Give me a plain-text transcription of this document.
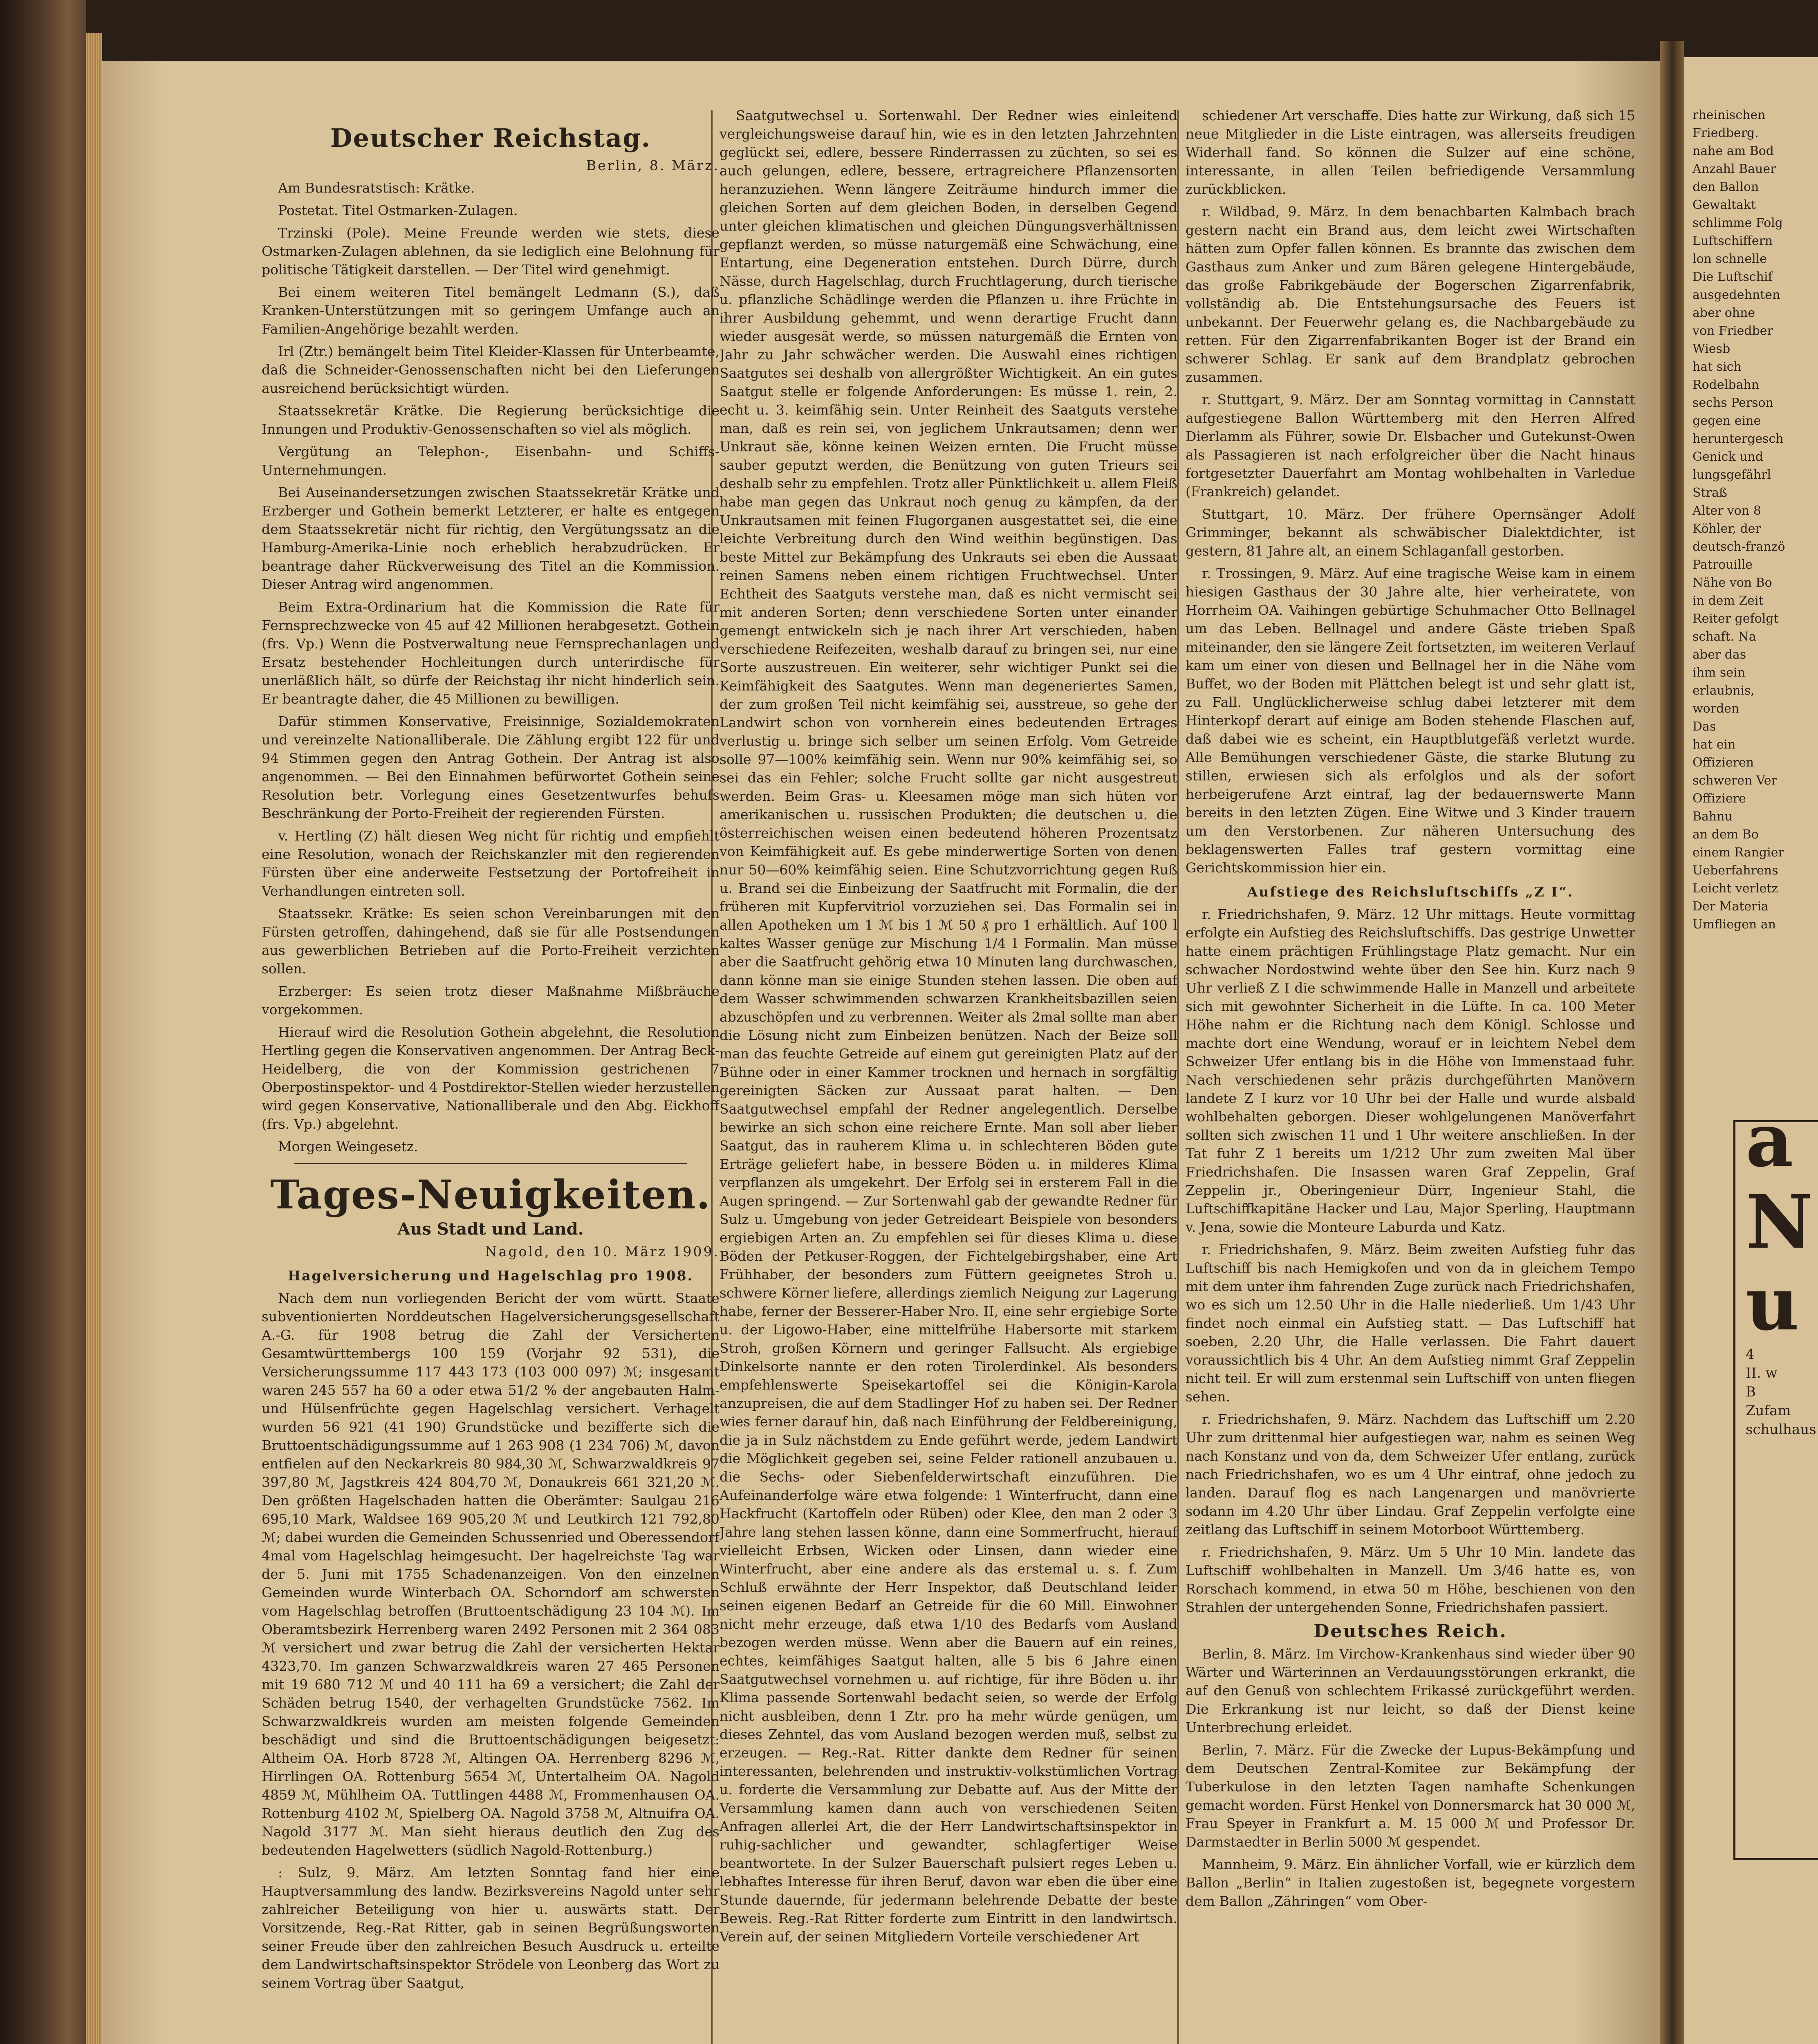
Deutscher Reichstag.

Berlin, 8. März.

Am Bundesratstisch: Krätke.

Postetat. Titel Ostmarken-Zulagen.

Trzinski (Pole). Meine Freunde werden wie stets, diese Ostmarken-Zulagen ablehnen, da sie lediglich eine Belohnung für politische Tätigkeit darstellen. — Der Titel wird genehmigt.

Bei einem weiteren Titel bemängelt Ledmann (S.), daß Kranken-Unterstützungen mit so geringem Umfange auch an Familien-Angehörige bezahlt werden.

Irl (Ztr.) bemängelt beim Titel Kleider-Klassen für Unterbeamte, daß die Schneider-Genossenschaften nicht bei den Lieferungen ausreichend berücksichtigt würden.

Staatssekretär Krätke. Die Regierung berücksichtige die Innungen und Produktiv-Genossenschaften so viel als möglich.

Vergütung an Telephon-, Eisenbahn- und Schiffs-Unternehmungen.

Bei Auseinandersetzungen zwischen Staatssekretär Krätke und Erzberger und Gothein bemerkt Letzterer, er halte es entgegen dem Staatssekretär nicht für richtig, den Vergütungssatz an die Hamburg-Amerika-Linie noch erheblich herabzudrücken. Er beantrage daher Rückverweisung des Titel an die Kommission. Dieser Antrag wird angenommen.

Beim Extra-Ordinarium hat die Kommission die Rate für Fernsprechzwecke von 45 auf 42 Millionen herabgesetzt. Gothein (frs. Vp.) Wenn die Postverwaltung neue Fernsprechanlagen und Ersatz bestehender Hochleitungen durch unterirdische für unerläßlich hält, so dürfe der Reichstag ihr nicht hinderlich sein. Er beantragte daher, die 45 Millionen zu bewilligen.

Dafür stimmen Konservative, Freisinnige, Sozialdemokraten und vereinzelte Nationalliberale. Die Zählung ergibt 122 für und 94 Stimmen gegen den Antrag Gothein. Der Antrag ist also angenommen. — Bei den Einnahmen befürwortet Gothein seine Resolution betr. Vorlegung eines Gesetzentwurfes behufs Beschränkung der Porto-Freiheit der regierenden Fürsten.

v. Hertling (Z) hält diesen Weg nicht für richtig und empfiehlt eine Resolution, wonach der Reichskanzler mit den regierenden Fürsten über eine anderweite Festsetzung der Portofreiheit in Verhandlungen eintreten soll.

Staatssekr. Krätke: Es seien schon Vereinbarungen mit den Fürsten getroffen, dahingehend, daß sie für alle Postsendungen aus gewerblichen Betrieben auf die Porto-Freiheit verzichten sollen.

Erzberger: Es seien trotz dieser Maßnahme Mißbräuche vorgekommen.

Hierauf wird die Resolution Gothein abgelehnt, die Resolution Hertling gegen die Konservativen angenommen. Der Antrag Beck-Heidelberg, die von der Kommission gestrichenen 7 Oberpostinspektor- und 4 Postdirektor-Stellen wieder herzustellen wird gegen Konservative, Nationalliberale und den Abg. Eickhoff (frs. Vp.) abgelehnt.

Morgen Weingesetz.

Tages-Neuigkeiten.
Aus Stadt und Land.

Nagold, den 10. März 1909.

Hagelversicherung und Hagelschlag pro 1908.

Nach dem nun vorliegenden Bericht der vom württ. Staate subventionierten Norddeutschen Hagelversicherungsgesellschaft A.-G. für 1908 betrug die Zahl der Versicherten Gesamtwürttembergs 100 159 (Vorjahr 92 531), die Versicherungssumme 117 443 173 (103 000 097) ℳ; insgesamt waren 245 557 ha 60 a oder etwa 51/2 % der angebauten Halm- und Hülsenfrüchte gegen Hagelschlag versichert. Verhagelt wurden 56 921 (41 190) Grundstücke und bezifferte sich die Bruttoentschädigungssumme auf 1 263 908 (1 234 706) ℳ, davon entfielen auf den Neckarkreis 80 984,30 ℳ, Schwarzwaldkreis 97 397,80 ℳ, Jagstkreis 424 804,70 ℳ, Donaukreis 661 321,20 ℳ. Den größten Hagelschaden hatten die Oberämter: Saulgau 216 695,10 Mark, Waldsee 169 905,20 ℳ und Leutkirch 121 792,80 ℳ; dabei wurden die Gemeinden Schussenried und Oberessendorf 4mal vom Hagelschlag heimgesucht. Der hagelreichste Tag war der 5. Juni mit 1755 Schadenanzeigen. Von den einzelnen Gemeinden wurde Winterbach OA. Schorndorf am schwersten vom Hagelschlag betroffen (Bruttoentschädigung 23 104 ℳ). Im Oberamtsbezirk Herrenberg waren 2492 Personen mit 2 364 083 ℳ versichert und zwar betrug die Zahl der versicherten Hektar 4323,70. Im ganzen Schwarzwaldkreis waren 27 465 Personen mit 19 680 712 ℳ und 40 111 ha 69 a versichert; die Zahl der Schäden betrug 1540, der verhagelten Grundstücke 7562. Im Schwarzwaldkreis wurden am meisten folgende Gemeinden beschädigt und sind die Bruttoentschädigungen beigesetzt: Altheim OA. Horb 8728 ℳ, Altingen OA. Herrenberg 8296 ℳ, Hirrlingen OA. Rottenburg 5654 ℳ, Untertalheim OA. Nagold 4859 ℳ, Mühlheim OA. Tuttlingen 4488 ℳ, Frommenhausen OA. Rottenburg 4102 ℳ, Spielberg OA. Nagold 3758 ℳ, Altnuifra OA. Nagold 3177 ℳ. Man sieht hieraus deutlich den Zug des bedeutenden Hagelwetters (südlich Nagold-Rottenburg.)

: Sulz, 9. März. Am letzten Sonntag fand hier eine Hauptversammlung des landw. Bezirksvereins Nagold unter sehr zahlreicher Beteiligung von hier u. auswärts statt. Der Vorsitzende, Reg.-Rat Ritter, gab in seinen Begrüßungsworten seiner Freude über den zahlreichen Besuch Ausdruck u. erteilte dem Landwirtschaftsinspektor Strödele von Leonberg das Wort zu seinem Vortrag über Saatgut,

Saatgutwechsel u. Sortenwahl. Der Redner wies einleitend vergleichungsweise darauf hin, wie es in den letzten Jahrzehnten geglückt sei, edlere, bessere Rinderrassen zu züchten, so sei es auch gelungen, edlere, bessere, ertragreichere Pflanzensorten heranzuziehen. Wenn längere Zeiträume hindurch immer die gleichen Sorten auf dem gleichen Boden, in derselben Gegend unter gleichen klimatischen und gleichen Düngungsverhältnissen gepflanzt werden, so müsse naturgemäß eine Schwächung, eine Entartung, eine Degeneration entstehen. Durch Dürre, durch Nässe, durch Hagelschlag, durch Fruchtlagerung, durch tierische u. pflanzliche Schädlinge werden die Pflanzen u. ihre Früchte in ihrer Ausbildung gehemmt, und wenn derartige Frucht dann wieder ausgesät werde, so müssen naturgemäß die Ernten von Jahr zu Jahr schwächer werden. Die Auswahl eines richtigen Saatgutes sei deshalb von allergrößter Wichtigkeit. An ein gutes Saatgut stelle er folgende Anforderungen: Es müsse 1. rein, 2. echt u. 3. keimfähig sein. Unter Reinheit des Saatguts verstehe man, daß es rein sei, von jeglichem Unkrautsamen; denn wer Unkraut säe, könne keinen Weizen ernten. Die Frucht müsse sauber geputzt werden, die Benützung von guten Trieurs sei deshalb sehr zu empfehlen. Trotz aller Pünktlichkeit u. allem Fleiß habe man gegen das Unkraut noch genug zu kämpfen, da der Unkrautsamen mit feinen Flugorganen ausgestattet sei, die eine leichte Verbreitung durch den Wind weithin begünstigen. Das beste Mittel zur Bekämpfung des Unkrauts sei eben die Aussaat reinen Samens neben einem richtigen Fruchtwechsel. Unter Echtheit des Saatguts verstehe man, daß es nicht vermischt sei mit anderen Sorten; denn verschiedene Sorten unter einander gemengt entwickeln sich je nach ihrer Art verschieden, haben verschiedene Reifezeiten, weshalb darauf zu bringen sei, nur eine Sorte auszustreuen. Ein weiterer, sehr wichtiger Punkt sei die Keimfähigkeit des Saatgutes. Wenn man degeneriertes Samen, der zum großen Teil nicht keimfähig sei, ausstreue, so gehe der Landwirt schon von vornherein eines bedeutenden Ertrages verlustig u. bringe sich selber um seinen Erfolg. Vom Getreide solle 97—100% keimfähig sein. Wenn nur 90% keimfähig sei, so sei das ein Fehler; solche Frucht sollte gar nicht ausgestreut werden. Beim Gras- u. Kleesamen möge man sich hüten vor amerikanischen u. russischen Produkten; die deutschen u. die österreichischen weisen einen bedeutend höheren Prozentsatz von Keimfähigkeit auf. Es gebe minderwertige Sorten von denen nur 50—60% keimfähig seien. Eine Schutzvorrichtung gegen Ruß u. Brand sei die Einbeizung der Saatfrucht mit Formalin, die der früheren mit Kupfervitriol vorzuziehen sei. Das Formalin sei in allen Apotheken um 1 ℳ bis 1 ℳ 50 ₰ pro 1 erhältlich. Auf 100 l kaltes Wasser genüge zur Mischung 1/4 l Formalin. Man müsse aber die Saatfrucht gehörig etwa 10 Minuten lang durchwaschen, dann könne man sie einige Stunden stehen lassen. Die oben auf dem Wasser schwimmenden schwarzen Krankheitsbazillen seien abzuschöpfen und zu verbrennen. Weiter als 2mal sollte man aber die Lösung nicht zum Einbeizen benützen. Nach der Beize soll man das feuchte Getreide auf einem gut gereinigten Platz auf der Bühne oder in einer Kammer trocknen und hernach in sorgfältig gereinigten Säcken zur Aussaat parat halten. — Den Saatgutwechsel empfahl der Redner angelegentlich. Derselbe bewirke an sich schon eine reichere Ernte. Man soll aber lieber Saatgut, das in rauherem Klima u. in schlechteren Böden gute Erträge geliefert habe, in bessere Böden u. in milderes Klima verpflanzen als umgekehrt. Der Erfolg sei in ersterem Fall in die Augen springend. — Zur Sortenwahl gab der gewandte Redner für Sulz u. Umgebung von jeder Getreideart Beispiele von besonders ergiebigen Arten an. Zu empfehlen sei für dieses Klima u. diese Böden der Petkuser-Roggen, der Fichtelgebirgshaber, eine Art Frühhaber, der besonders zum Füttern geeignetes Stroh u. schwere Körner liefere, allerdings ziemlich Neigung zur Lagerung habe, ferner der Besserer-Haber Nro. II, eine sehr ergiebige Sorte u. der Ligowo-Haber, eine mittelfrühe Habersorte mit starkem Stroh, großen Körnern und geringer Fallsucht. Als ergiebige Dinkelsorte nannte er den roten Tirolerdinkel. Als besonders empfehlenswerte Speisekartoffel sei die Königin-Karola anzupreisen, die auf dem Stadlinger Hof zu haben sei. Der Redner wies ferner darauf hin, daß nach Einführung der Feldbereinigung, die ja in Sulz nächstdem zu Ende geführt werde, jedem Landwirt die Möglichkeit gegeben sei, seine Felder rationell anzubauen u. die Sechs- oder Siebenfelderwirtschaft einzuführen. Die Aufeinanderfolge wäre etwa folgende: 1 Winterfrucht, dann eine Hackfrucht (Kartoffeln oder Rüben) oder Klee, den man 2 oder 3 Jahre lang stehen lassen könne, dann eine Sommerfrucht, hierauf vielleicht Erbsen, Wicken oder Linsen, dann wieder eine Winterfrucht, aber eine andere als das erstemal u. s. f. Zum Schluß erwähnte der Herr Inspektor, daß Deutschland leider seinen eigenen Bedarf an Getreide für die 60 Mill. Einwohner nicht mehr erzeuge, daß etwa 1/10 des Bedarfs vom Ausland bezogen werden müsse. Wenn aber die Bauern auf ein reines, echtes, keimfähiges Saatgut halten, alle 5 bis 6 Jahre einen Saatgutwechsel vornehmen u. auf richtige, für ihre Böden u. ihr Klima passende Sortenwahl bedacht seien, so werde der Erfolg nicht ausbleiben, denn 1 Ztr. pro ha mehr würde genügen, um dieses Zehntel, das vom Ausland bezogen werden muß, selbst zu erzeugen. — Reg.-Rat. Ritter dankte dem Redner für seinen interessanten, belehrenden und instruktiv-volkstümlichen Vortrag u. forderte die Versammlung zur Debatte auf. Aus der Mitte der Versammlung kamen dann auch von verschiedenen Seiten Anfragen allerlei Art, die der Herr Landwirtschaftsinspektor in ruhig-sachlicher und gewandter, schlagfertiger Weise beantwortete. In der Sulzer Bauerschaft pulsiert reges Leben u. lebhaftes Interesse für ihren Beruf, davon war eben die über eine Stunde dauernde, für jedermann belehrende Debatte der beste Beweis. Reg.-Rat Ritter forderte zum Eintritt in den landwirtsch. Verein auf, der seinen Mitgliedern Vorteile verschiedener Art

schiedener Art verschaffe. Dies hatte zur Wirkung, daß sich 15 neue Mitglieder in die Liste eintragen, was allerseits freudigen Widerhall fand. So können die Sulzer auf eine schöne, interessante, in allen Teilen befriedigende Versammlung zurückblicken.

r. Wildbad, 9. März. In dem benachbarten Kalmbach brach gestern nacht ein Brand aus, dem leicht zwei Wirtschaften hätten zum Opfer fallen können. Es brannte das zwischen dem Gasthaus zum Anker und zum Bären gelegene Hintergebäude, das große Fabrikgebäude der Bogerschen Zigarrenfabrik, vollständig ab. Die Entstehungsursache des Feuers ist unbekannt. Der Feuerwehr gelang es, die Nachbargebäude zu retten. Für den Zigarrenfabrikanten Boger ist der Brand ein schwerer Schlag. Er sank auf dem Brandplatz gebrochen zusammen.

r. Stuttgart, 9. März. Der am Sonntag vormittag in Cannstatt aufgestiegene Ballon Württemberg mit den Herren Alfred Dierlamm als Führer, sowie Dr. Elsbacher und Gutekunst-Owen als Passagieren ist nach erfolgreicher über die Nacht hinaus fortgesetzter Dauerfahrt am Montag wohlbehalten in Varledue (Frankreich) gelandet.

Stuttgart, 10. März. Der frühere Opernsänger Adolf Grimminger, bekannt als schwäbischer Dialektdichter, ist gestern, 81 Jahre alt, an einem Schlaganfall gestorben.

r. Trossingen, 9. März. Auf eine tragische Weise kam in einem hiesigen Gasthaus der 30 Jahre alte, hier verheiratete, von Horrheim OA. Vaihingen gebürtige Schuhmacher Otto Bellnagel um das Leben. Bellnagel und andere Gäste trieben Spaß miteinander, den sie längere Zeit fortsetzten, im weiteren Verlauf kam um einer von diesen und Bellnagel her in die Nähe vom Buffet, wo der Boden mit Plättchen belegt ist und sehr glatt ist, zu Fall. Unglücklicherweise schlug dabei letzterer mit dem Hinterkopf derart auf einige am Boden stehende Flaschen auf, daß dabei wie es scheint, ein Hauptblutgefäß verletzt wurde. Alle Bemühungen verschiedener Gäste, die starke Blutung zu stillen, erwiesen sich als erfolglos und als der sofort herbeigerufene Arzt eintraf, lag der bedauernswerte Mann bereits in den letzten Zügen. Eine Witwe und 3 Kinder trauern um den Verstorbenen. Zur näheren Untersuchung des beklagenswerten Falles traf gestern vormittag eine Gerichtskommission hier ein.

Aufstiege des Reichsluftschiffs „Z I“.

r. Friedrichshafen, 9. März. 12 Uhr mittags. Heute vormittag erfolgte ein Aufstieg des Reichsluftschiffs. Das gestrige Unwetter hatte einem prächtigen Frühlingstage Platz gemacht. Nur ein schwacher Nordostwind wehte über den See hin. Kurz nach 9 Uhr verließ Z I die schwimmende Halle in Manzell und arbeitete sich mit gewohnter Sicherheit in die Lüfte. In ca. 100 Meter Höhe nahm er die Richtung nach dem Königl. Schlosse und machte dort eine Wendung, worauf er in leichtem Nebel dem Schweizer Ufer entlang bis in die Höhe von Immenstaad fuhr. Nach verschiedenen sehr präzis durchgeführten Manövern landete Z I kurz vor 10 Uhr bei der Halle und wurde alsbald wohlbehalten geborgen. Dieser wohlgelungenen Manöverfahrt sollten sich zwischen 11 und 1 Uhr weitere anschließen. In der Tat fuhr Z 1 bereits um 1/212 Uhr zum zweiten Mal über Friedrichshafen. Die Insassen waren Graf Zeppelin, Graf Zeppelin jr., Oberingenieur Dürr, Ingenieur Stahl, die Luftschiffkapitäne Hacker und Lau, Major Sperling, Hauptmann v. Jena, sowie die Monteure Laburda und Katz.

r. Friedrichshafen, 9. März. Beim zweiten Aufstieg fuhr das Luftschiff bis nach Hemigkofen und von da in gleichem Tempo mit dem unter ihm fahrenden Zuge zurück nach Friedrichshafen, wo es sich um 12.50 Uhr in die Halle niederließ. Um 1/43 Uhr findet noch einmal ein Aufstieg statt. — Das Luftschiff hat soeben, 2.20 Uhr, die Halle verlassen. Die Fahrt dauert voraussichtlich bis 4 Uhr. An dem Aufstieg nimmt Graf Zeppelin nicht teil. Er will zum erstenmal sein Luftschiff von unten fliegen sehen.

r. Friedrichshafen, 9. März. Nachdem das Luftschiff um 2.20 Uhr zum drittenmal hier aufgestiegen war, nahm es seinen Weg nach Konstanz und von da, dem Schweizer Ufer entlang, zurück nach Friedrichshafen, wo es um 4 Uhr eintraf, ohne jedoch zu landen. Darauf flog es nach Langenargen und manövrierte sodann im 4.20 Uhr über Lindau. Graf Zeppelin verfolgte eine zeitlang das Luftschiff in seinem Motorboot Württemberg.

r. Friedrichshafen, 9. März. Um 5 Uhr 10 Min. landete das Luftschiff wohlbehalten in Manzell. Um 3/46 hatte es, von Rorschach kommend, in etwa 50 m Höhe, beschienen von den Strahlen der untergehenden Sonne, Friedrichshafen passiert.

Deutsches Reich.

Berlin, 8. März. Im Virchow-Krankenhaus sind wieder über 90 Wärter und Wärterinnen an Verdauungsstörungen erkrankt, die auf den Genuß von schlechtem Frikassé zurückgeführt werden. Die Erkrankung ist nur leicht, so daß der Dienst keine Unterbrechung erleidet.

Berlin, 7. März. Für die Zwecke der Lupus-Bekämpfung und dem Deutschen Zentral-Komitee zur Bekämpfung der Tuberkulose in den letzten Tagen namhafte Schenkungen gemacht worden. Fürst Henkel von Donnersmarck hat 30 000 ℳ, Frau Speyer in Frankfurt a. M. 15 000 ℳ und Professor Dr. Darmstaedter in Berlin 5000 ℳ gespendet.

Mannheim, 9. März. Ein ähnlicher Vorfall, wie er kürzlich dem Ballon „Berlin“ in Italien zugestoßen ist, begegnete vorgestern dem Ballon „Zähringen“ vom Ober-

rheinischen
Friedberg.
nahe am Bod
Anzahl Bauer
den Ballon
Gewaltakt
schlimme Folg
Luftschiffern
lon schnelle
Die Luftschif
ausgedehnten
aber ohne
von Friedber
Wiesb
hat sich
Rodelbahn
sechs Person
gegen eine
heruntergesch
Genick und
lungsgefährl
Straß
Alter von 8
Köhler, der
deutsch-franzö
Patrouille
Nähe von Bo
in dem Zeit
Reiter gefolgt
schaft. Na
aber das
ihm sein
erlaubnis,
worden
Das
hat ein
Offizieren
schweren Ver
Offiziere
Bahnu
an dem Bo
einem Rangier
Ueberfahrens
Leicht verletz
Der Materia
Umfliegen an
a
N
u
4
II. w
B
Zufam
schulhaus
